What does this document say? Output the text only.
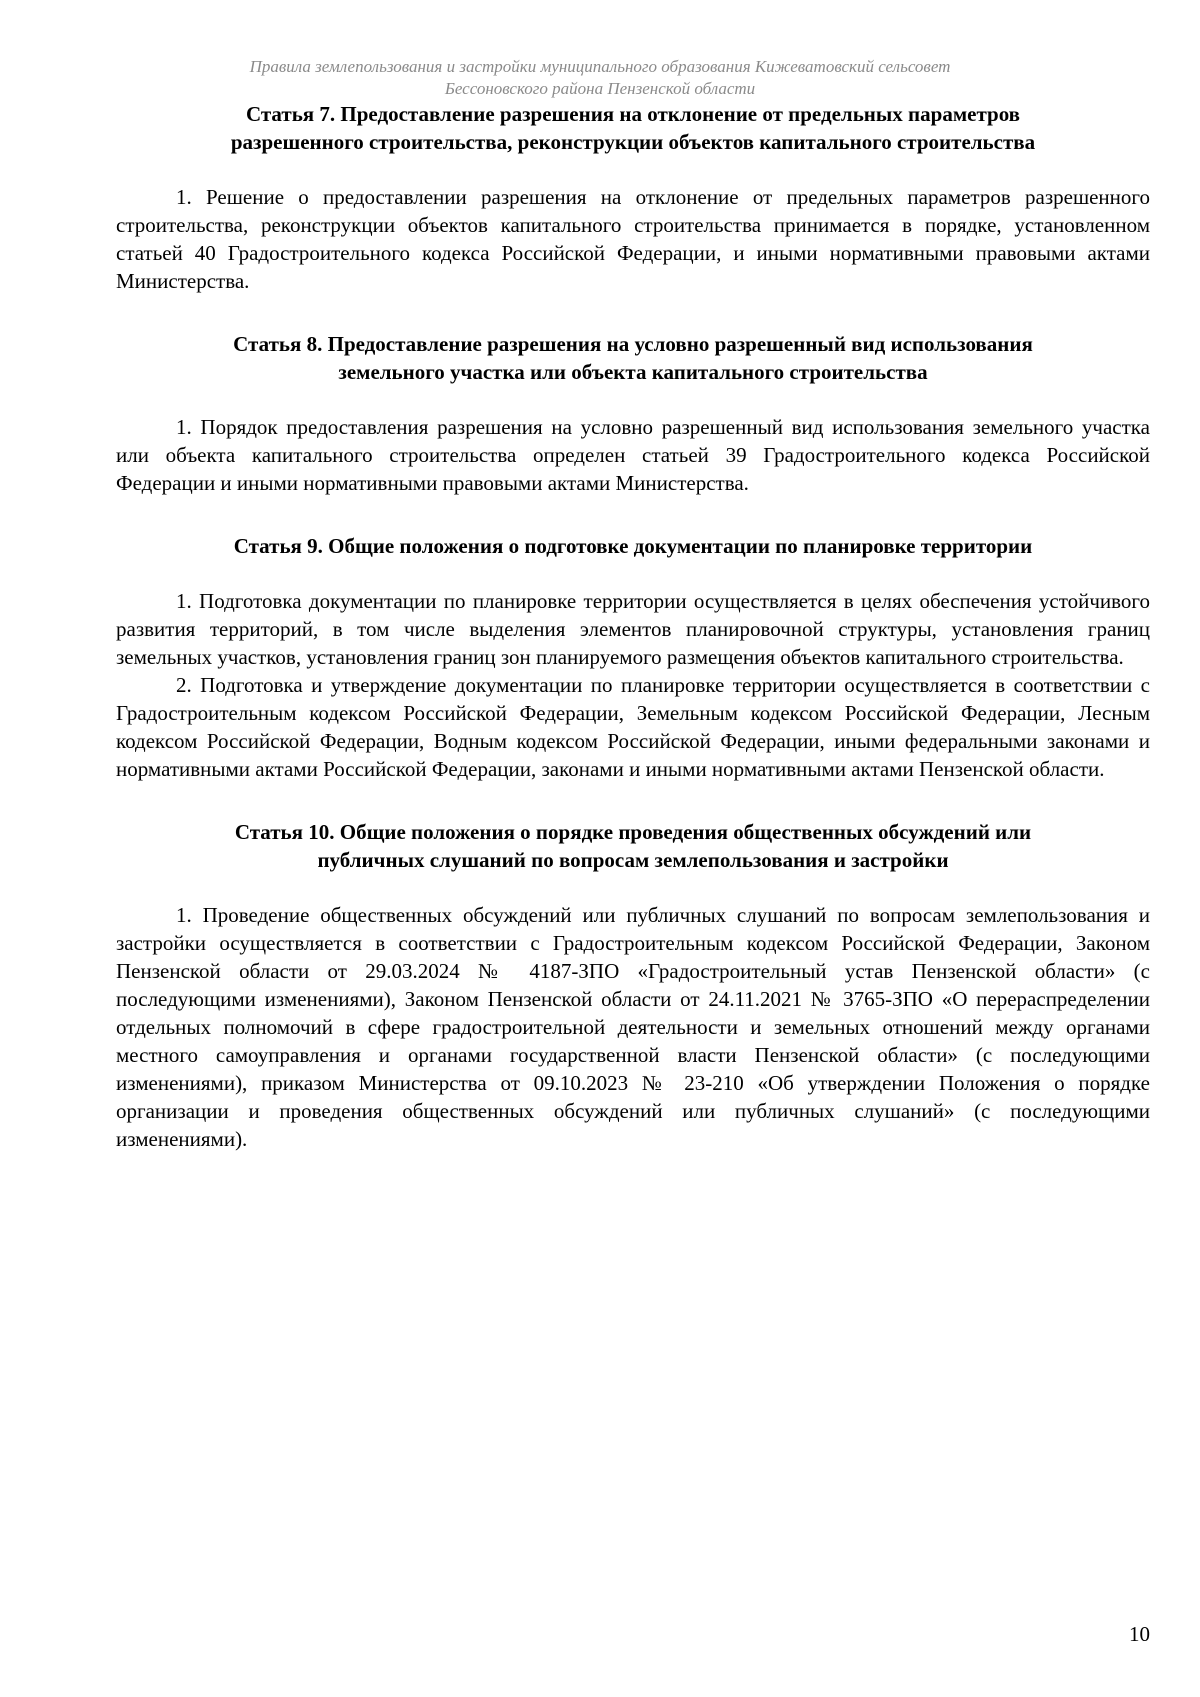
Правила землепользования и застройки муниципального образования Кижеватовский сельсовет
Бессоновского района Пензенской области
Статья 7. Предоставление разрешения на отклонение от предельных параметров
разрешенного строительства, реконструкции объектов капитального строительства

1. Решение о предоставлении разрешения на отклонение от предельных параметров разрешенного строительства, реконструкции объектов капитального строительства принимается в порядке, установленном статьей 40 Градостроительного кодекса Российской Федерации, и иными нормативными правовыми актами Министерства.

Статья 8. Предоставление разрешения на условно разрешенный вид использования
земельного участка или объекта капитального строительства

1. Порядок предоставления разрешения на условно разрешенный вид использования земельного участка или объекта капитального строительства определен статьей 39 Градостроительного кодекса Российской Федерации и иными нормативными правовыми актами Министерства.

Статья 9. Общие положения о подготовке документации по планировке территории

1. Подготовка документации по планировке территории осуществляется в целях обеспечения устойчивого развития территорий, в том числе выделения элементов планировочной структуры, установления границ земельных участков, установления границ зон планируемого размещения объектов капитального строительства.

2. Подготовка и утверждение документации по планировке территории осуществляется в соответствии с Градостроительным кодексом Российской Федерации, Земельным кодексом Российской Федерации, Лесным кодексом Российской Федерации, Водным кодексом Российской Федерации, иными федеральными законами и нормативными актами Российской Федерации, законами и иными нормативными актами Пензенской области.

Статья 10. Общие положения о порядке проведения общественных обсуждений или
публичных слушаний по вопросам землепользования и застройки

1. Проведение общественных обсуждений или публичных слушаний по вопросам землепользования и застройки осуществляется в соответствии с Градостроительным кодексом Российской Федерации, Законом Пензенской области от 29.03.2024 № 4187-ЗПО «Градостроительный устав Пензенской области» (с последующими изменениями), Законом Пензенской области от 24.11.2021 № 3765-ЗПО «О перераспределении отдельных полномочий в сфере градостроительной деятельности и земельных отношений между органами местного самоуправления и органами государственной власти Пензенской области» (с последующими изменениями), приказом Министерства от 09.10.2023 № 23-210 «Об утверждении Положения о порядке организации и проведения общественных обсуждений или публичных слушаний» (с последующими изменениями).

10
